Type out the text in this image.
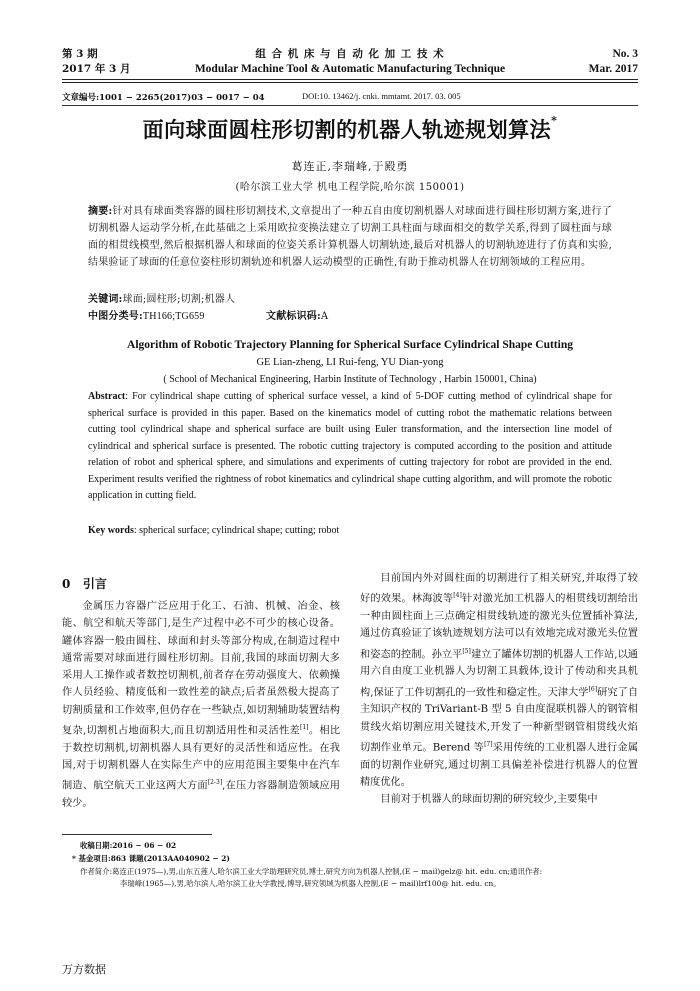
第 3 期
2017 年 3 月
组 合 机 床 与 自 动 化 加 工 技 术
Modular Machine Tool & Automatic Manufacturing Technique
No. 3
Mar. 2017
文章编号:1001 − 2265(2017)03 − 0017 − 04	DOI:10. 13462/j. cnki. mmtamt. 2017. 03. 005
面向球面圆柱形切割的机器人轨迹规划算法*
葛连正,李瑞峰,于殿勇
(哈尔滨工业大学 机电工程学院,哈尔滨 150001)
摘要:针对具有球面类容器的圆柱形切割技术,文章提出了一种五自由度切割机器人对球面进行圆柱形切割方案,进行了切割机器人运动学分析,在此基础之上采用欧拉变换法建立了切割工具柱面与球面相交的数学关系,得到了圆柱面与球面的相贯线模型,然后根据机器人和球面的位姿关系计算机器人切割轨迹,最后对机器人的切割轨迹进行了仿真和实验,结果验证了球面的任意位姿柱形切割轨迹和机器人运动模型的正确性,有助于推动机器人在切割领域的工程应用。
关键词:球面;圆柱形;切割;机器人
中图分类号:TH166;TG659	文献标识码:A
Algorithm of Robotic Trajectory Planning for Spherical Surface Cylindrical Shape Cutting
GE Lian-zheng, LI Rui-feng, YU Dian-yong
( School of Mechanical Engineering, Harbin Institute of Technology , Harbin 150001, China)
Abstract: For cylindrical shape cutting of spherical surface vessel, a kind of 5-DOF cutting method of cylindrical shape for spherical surface is provided in this paper. Based on the kinematics model of cutting robot the mathematic relations between cutting tool cylindrical shape and spherical surface are built using Euler transformation, and the intersection line model of cylindrical and spherical surface is presented. The robotic cutting trajectory is computed according to the position and attitude relation of robot and spherical sphere, and simulations and experiments of cutting trajectory for robot are provided in the end. Experiment results verified the rightness of robot kinematics and cylindrical shape cutting algorithm, and will promote the robotic application in cutting field.
Key words: spherical surface; cylindrical shape; cutting; robot
0 引言

金属压力容器广泛应用于化工、石油、机械、冶金、核能、航空和航天等部门,是生产过程中必不可少的核心设备。罐体容器一般由圆柱、球面和封头等部分构成,在制造过程中通常需要对球面进行圆柱形切割。目前,我国的球面切割大多采用人工操作或者数控切割机,前者存在劳动强度大、依赖操作人员经验、精度低和一致性差的缺点;后者虽然极大提高了切割质量和工作效率,但仍存在一些缺点,如切割辅助装置结构复杂,切割机占地面积大,而且切割适用性和灵活性差[1]。相比于数控切割机,切割机器人具有更好的灵活性和适应性。在我国,对于切割机器人在实际生产中的应用范围主要集中在汽车制造、航空航天工业这两大方面[2-3],在压力容器制造领域应用较少。

目前国内外对圆柱面的切割进行了相关研究,并取得了较好的效果。林海波等[4]针对激光加工机器人的相贯线切割给出一种由圆柱面上三点确定相贯线轨迹的激光头位置插补算法,通过仿真验证了该轨迹规划方法可以有效地完成对激光头位置和姿态的控制。孙立平[5]建立了罐体切割的机器人工作站,以通用六自由度工业机器人为切割工具载体,设计了传动和夹具机构,保证了工件切割孔的一致性和稳定性。天津大学[6]研究了自主知识产权的 TriVariant-B 型 5 自由度混联机器人的钢管相贯线火焰切割应用关键技术,开发了一种新型钢管相贯线火焰切割作业单元。Berend 等[7]采用传统的工业机器人进行金属面的切割作业研究,通过切割工具偏差补偿进行机器人的位置精度优化。

目前对于机器人的球面切割的研究较少,主要集中

收稿日期:2016 − 06 − 02
* 基金项目:863 课题(2013AA040902 − 2)
作者简介:葛连正(1975—),男,山东五莲人,哈尔滨工业大学助理研究员,博士,研究方向为机器人控制,(E − mail)gelz@ hit. edu. cn;通讯作者:
李瑞峰(1965—),男,哈尔滨人,哈尔滨工业大学教授,博导,研究领域为机器人控制,(E − mail)lrf100@ hit. edu. cn。
万方数据
